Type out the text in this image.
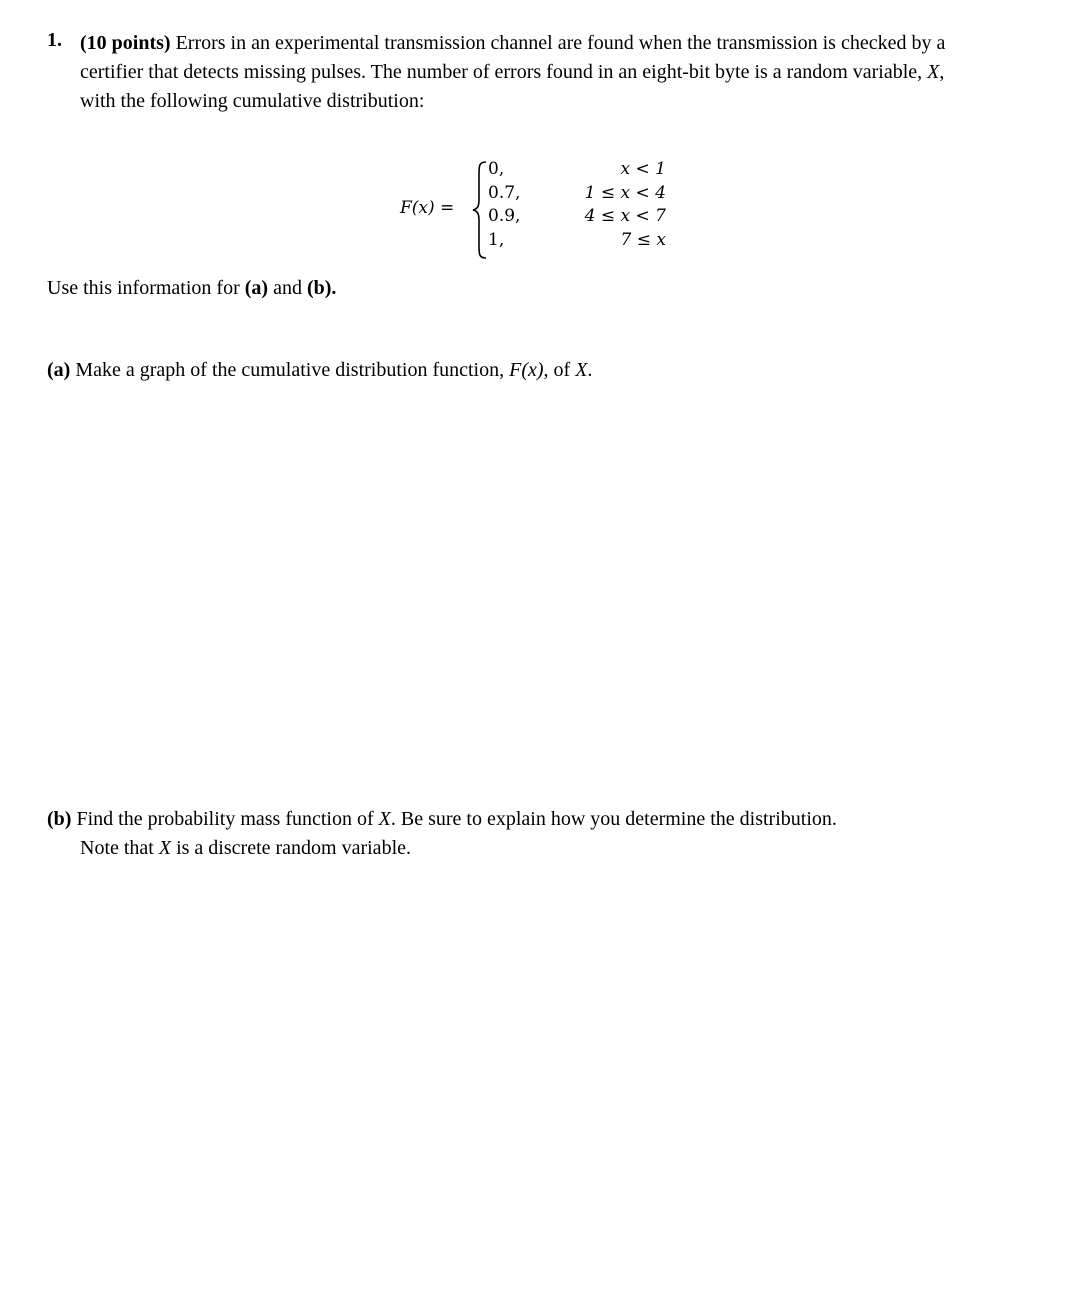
1. (10 points) Errors in an experimental transmission channel are found when the transmission is checked by a
certifier that detects missing pulses. The number of errors found in an eight-bit byte is a random variable, X,
with the following cumulative distribution:
F(x) =
0,
0.7,
0.9,
1,
x < 1
1 ≤ x < 4
4 ≤ x < 7
7 ≤ x
Use this information for (a) and (b).
(a) Make a graph of the cumulative distribution function, F(x), of X.
(b) Find the probability mass function of X. Be sure to explain how you determine the distribution.
Note that X is a discrete random variable.
